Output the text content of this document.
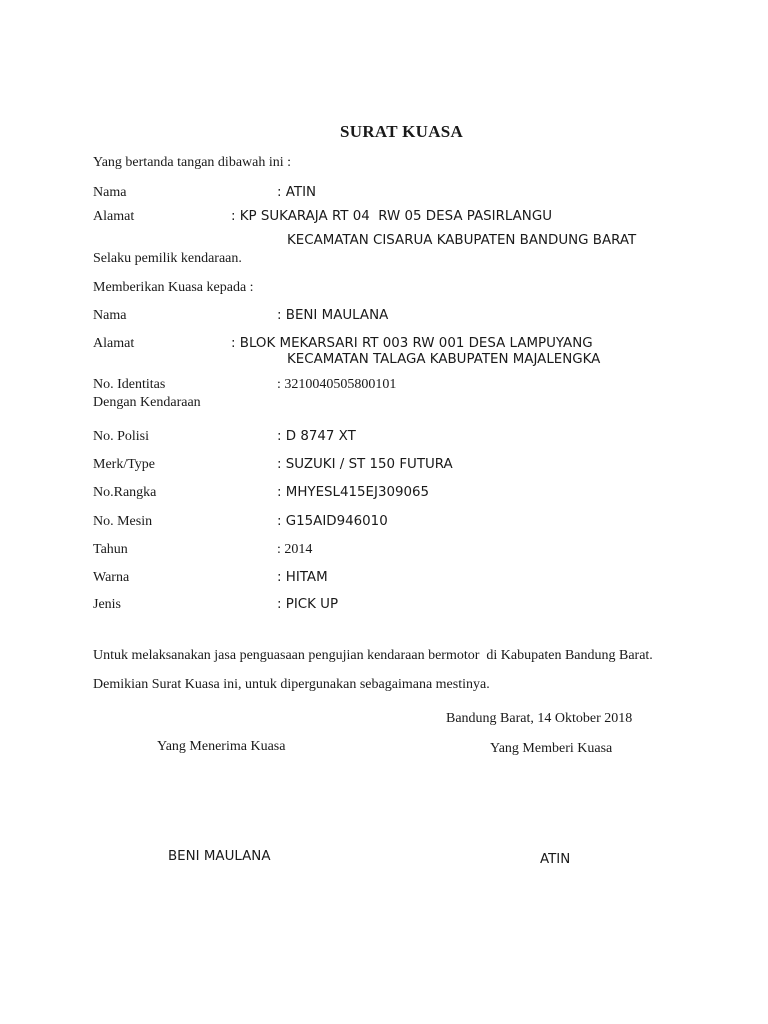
SURAT KUASA
Yang bertanda tangan dibawah ini :
Nama	: ATIN
Alamat	: KP SUKARAJA RT 04  RW 05 DESA PASIRLANGU
KECAMATAN CISARUA KABUPATEN BANDUNG BARAT
Selaku pemilik kendaraan.
Memberikan Kuasa kepada :
Nama	: BENI MAULANA
Alamat	: BLOK MEKARSARI RT 003 RW 001 DESA LAMPUYANG
KECAMATAN TALAGA KABUPATEN MAJALENGKA
No. Identitas	: 3210040505800101
Dengan Kendaraan
No. Polisi	: D 8747 XT
Merk/Type	: SUZUKI / ST 150 FUTURA
No.Rangka	: MHYESL415EJ309065
No. Mesin	: G15AID946010
Tahun	: 2014
Warna	: HITAM
Jenis	: PICK UP
Untuk melaksanakan jasa penguasaan pengujian kendaraan bermotor  di Kabupaten Bandung Barat.
Demikian Surat Kuasa ini, untuk dipergunakan sebagaimana mestinya.
Bandung Barat, 14 Oktober 2018
Yang Menerima Kuasa	Yang Memberi Kuasa
BENI MAULANA	ATIN
